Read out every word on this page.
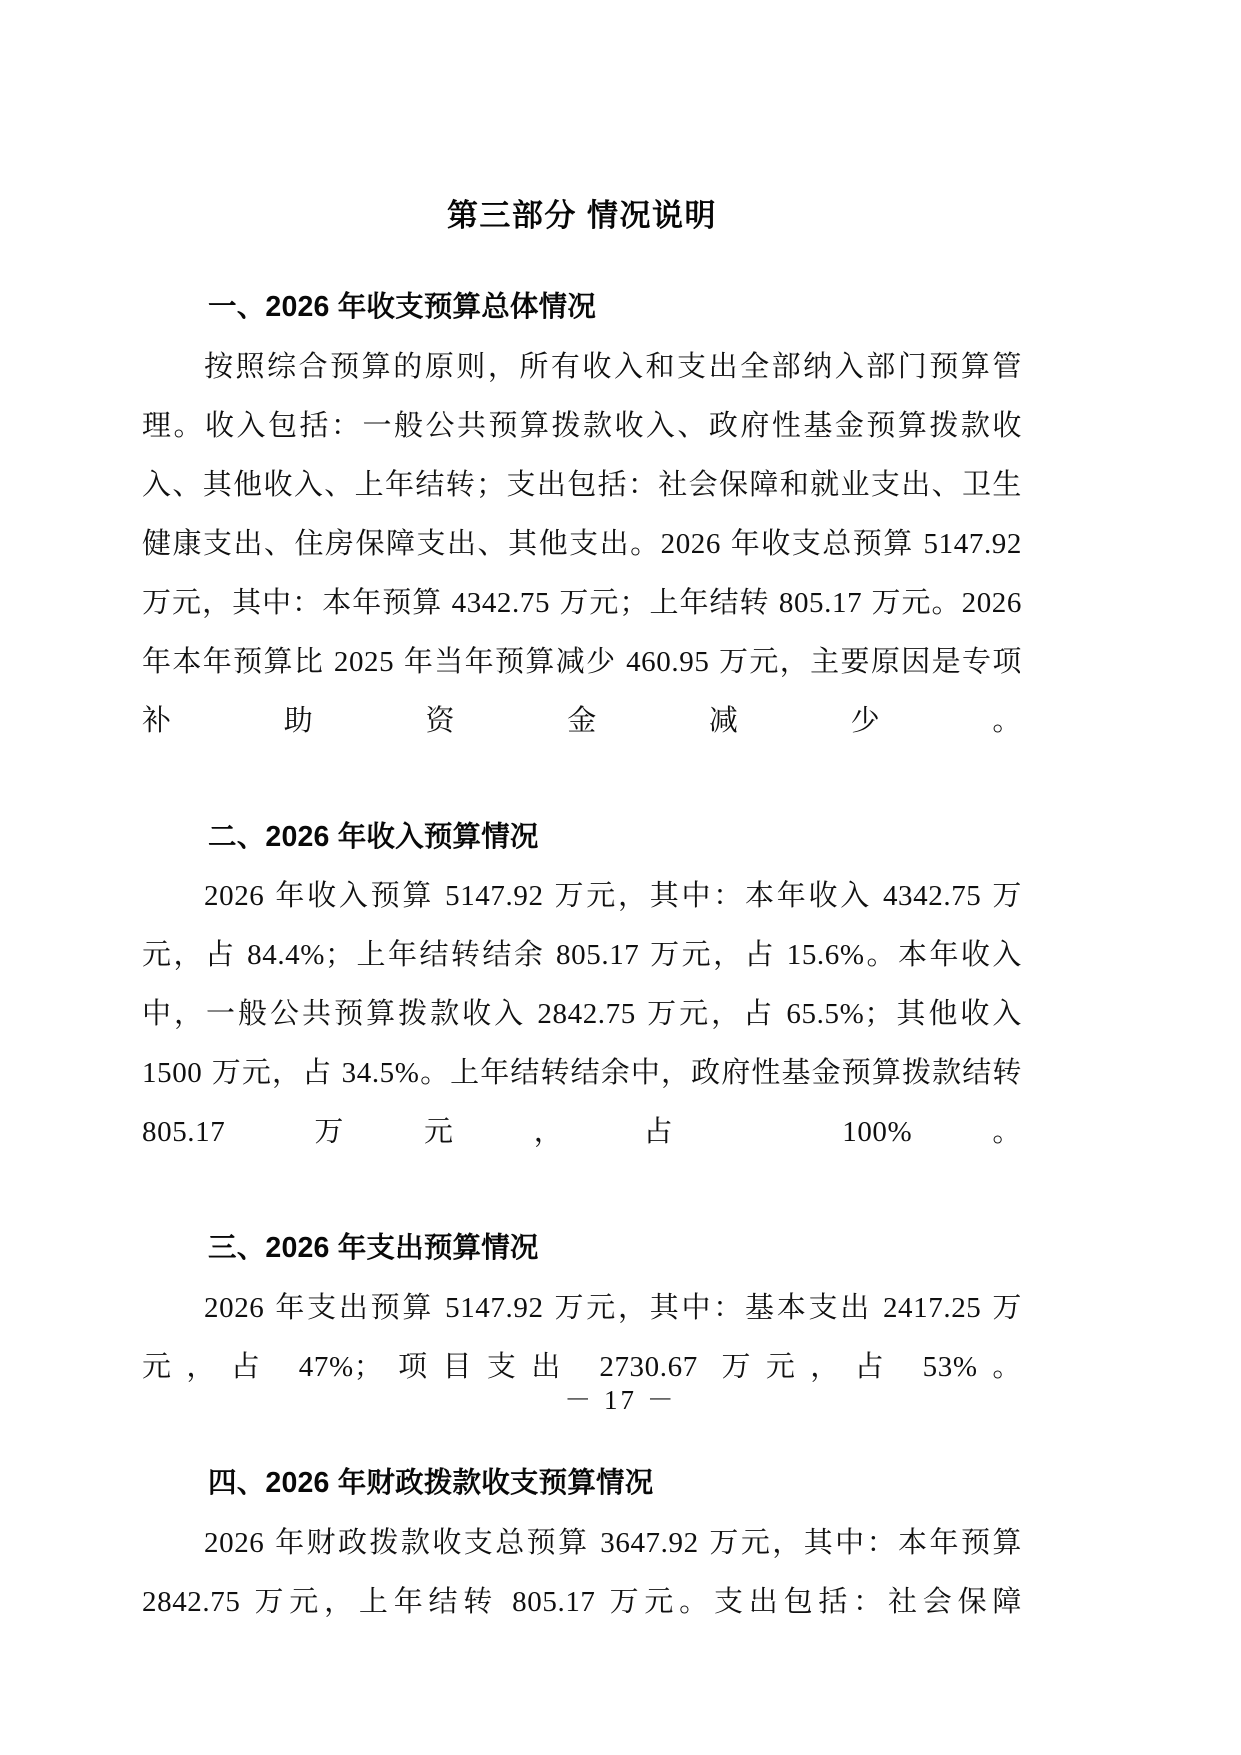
第三部分 情况说明
一、2026 年收支预算总体情况

按照综合预算的原则，所有收入和支出全部纳入部门预算管理。收入包括：一般公共预算拨款收入、政府性基金预算拨款收入、其他收入、上年结转；支出包括：社会保障和就业支出、卫生健康支出、住房保障支出、其他支出。2026 年收支总预算 5147.92 万元，其中：本年预算 4342.75 万元；上年结转 805.17 万元。2026 年本年预算比 2025 年当年预算减少 460.95 万元，主要原因是专项补助资金减少。

二、2026 年收入预算情况

2026 年收入预算 5147.92 万元，其中：本年收入 4342.75 万元，占 84.4%；上年结转结余 805.17 万元，占 15.6%。本年收入中，一般公共预算拨款收入 2842.75 万元，占 65.5%；其他收入 1500 万元，占 34.5%。上年结转结余中，政府性基金预算拨款结转 805.17 万元，占 100%。

三、2026 年支出预算情况

2026 年支出预算 5147.92 万元，其中：基本支出 2417.25 万元，占 47%；项目支出 2730.67 万元，占 53%。

四、2026 年财政拨款收支预算情况

2026 年财政拨款收支总预算 3647.92 万元，其中：本年预算 2842.75 万元，上年结转 805.17 万元。支出包括：社会保障

－ 17 －
